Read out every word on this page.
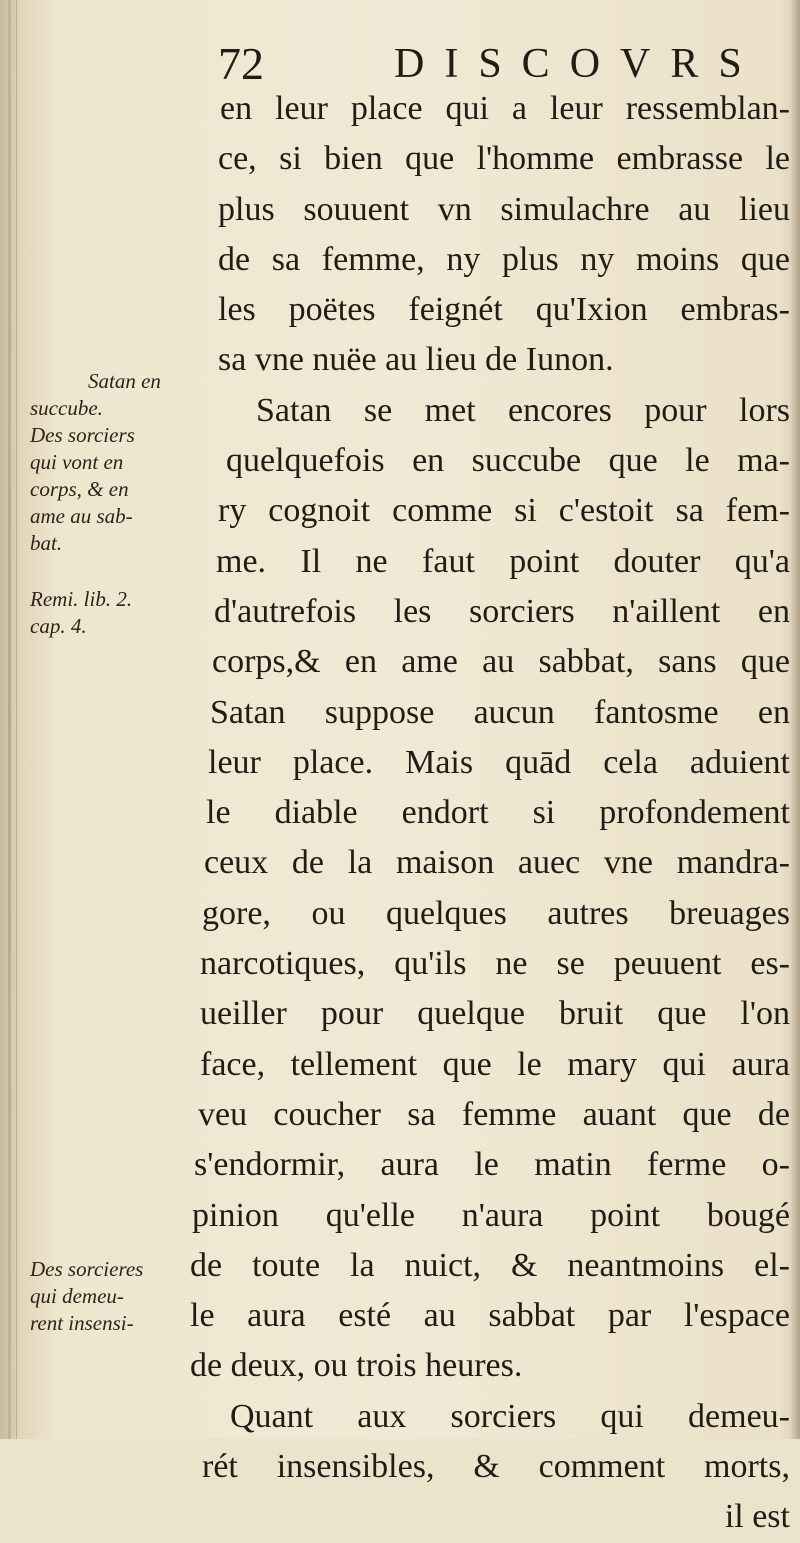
72	DISCOVRS
en leur place qui a leur ressemblan-
ce, si bien que l'homme embrasse le
plus souuent vn simulachre au lieu
de sa femme, ny plus ny moins que
les poëtes feignét qu'Ixion embras-
sa vne nuëe au lieu de Iunon.
Satan se met encores pour lors
quelquefois en succube que le ma-
ry cognoit comme si c'estoit sa fem-
me. Il ne faut point douter qu'a
d'autrefois les sorciers n'aillent en
corps,& en ame au sabbat, sans que
Satan suppose aucun fantosme en
leur place. Mais quād cela aduient
le diable endort si profondement
ceux de la maison auec vne mandra-
gore, ou quelques autres breuages
narcotiques, qu'ils ne se peuuent es-
ueiller pour quelque bruit que l'on
face, tellement que le mary qui aura
veu coucher sa femme auant que de
s'endormir, aura le matin ferme o-
pinion qu'elle n'aura point bougé
de toute la nuict, & neantmoins el-
le aura esté au sabbat par l'espace
de deux, ou trois heures.
Quant aux sorciers qui demeu-
rét insensibles, & comment morts,
il est
Satan en
succube.
Des sorciers
qui vont en
corps, & en
ame au sab-
bat.
Remi. lib. 2.
cap. 4.
Des sorcieres
qui demeu-
rent insensi-
